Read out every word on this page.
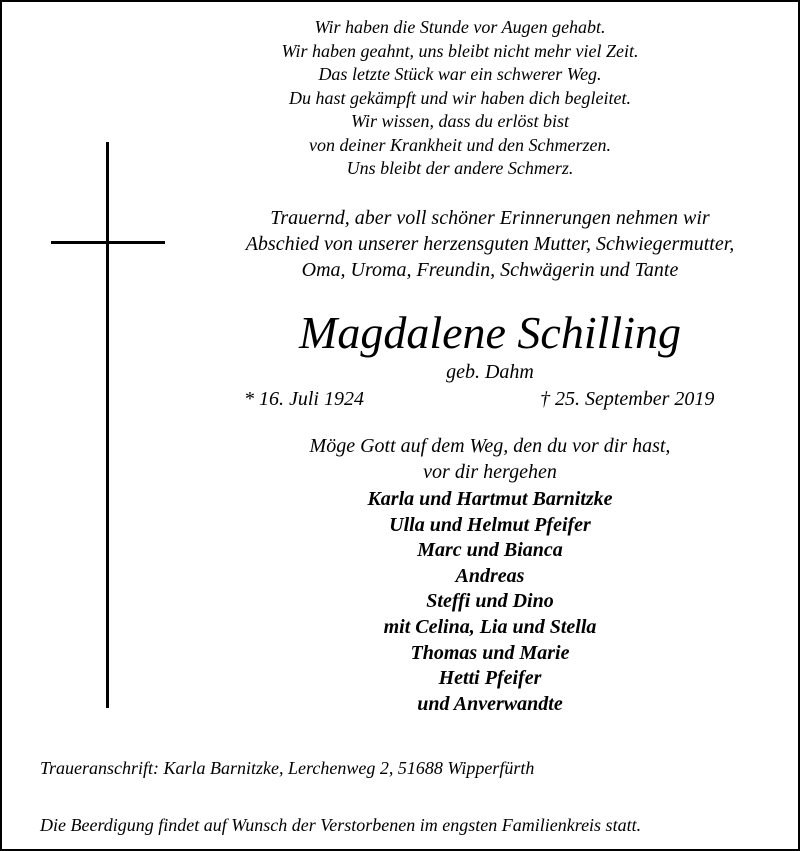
Wir haben die Stunde vor Augen gehabt.
Wir haben geahnt, uns bleibt nicht mehr viel Zeit.
Das letzte Stück war ein schwerer Weg.
Du hast gekämpft und wir haben dich begleitet.
Wir wissen, dass du erlöst bist
von deiner Krankheit und den Schmerzen.
Uns bleibt der andere Schmerz.
Trauernd, aber voll schöner Erinnerungen nehmen wir
Abschied von unserer herzensguten Mutter, Schwiegermutter,
Oma, Uroma, Freundin, Schwägerin und Tante
Magdalene Schilling
geb. Dahm
* 16. Juli 1924	† 25. September 2019
Möge Gott auf dem Weg, den du vor dir hast,
vor dir hergehen
Karla und Hartmut Barnitzke
Ulla und Helmut Pfeifer
Marc und Bianca
Andreas
Steffi und Dino
mit Celina, Lia und Stella
Thomas und Marie
Hetti Pfeifer
und Anverwandte
Traueranschrift: Karla Barnitzke, Lerchenweg 2, 51688 Wipperfürth
Die Beerdigung findet auf Wunsch der Verstorbenen im engsten Familienkreis statt.
